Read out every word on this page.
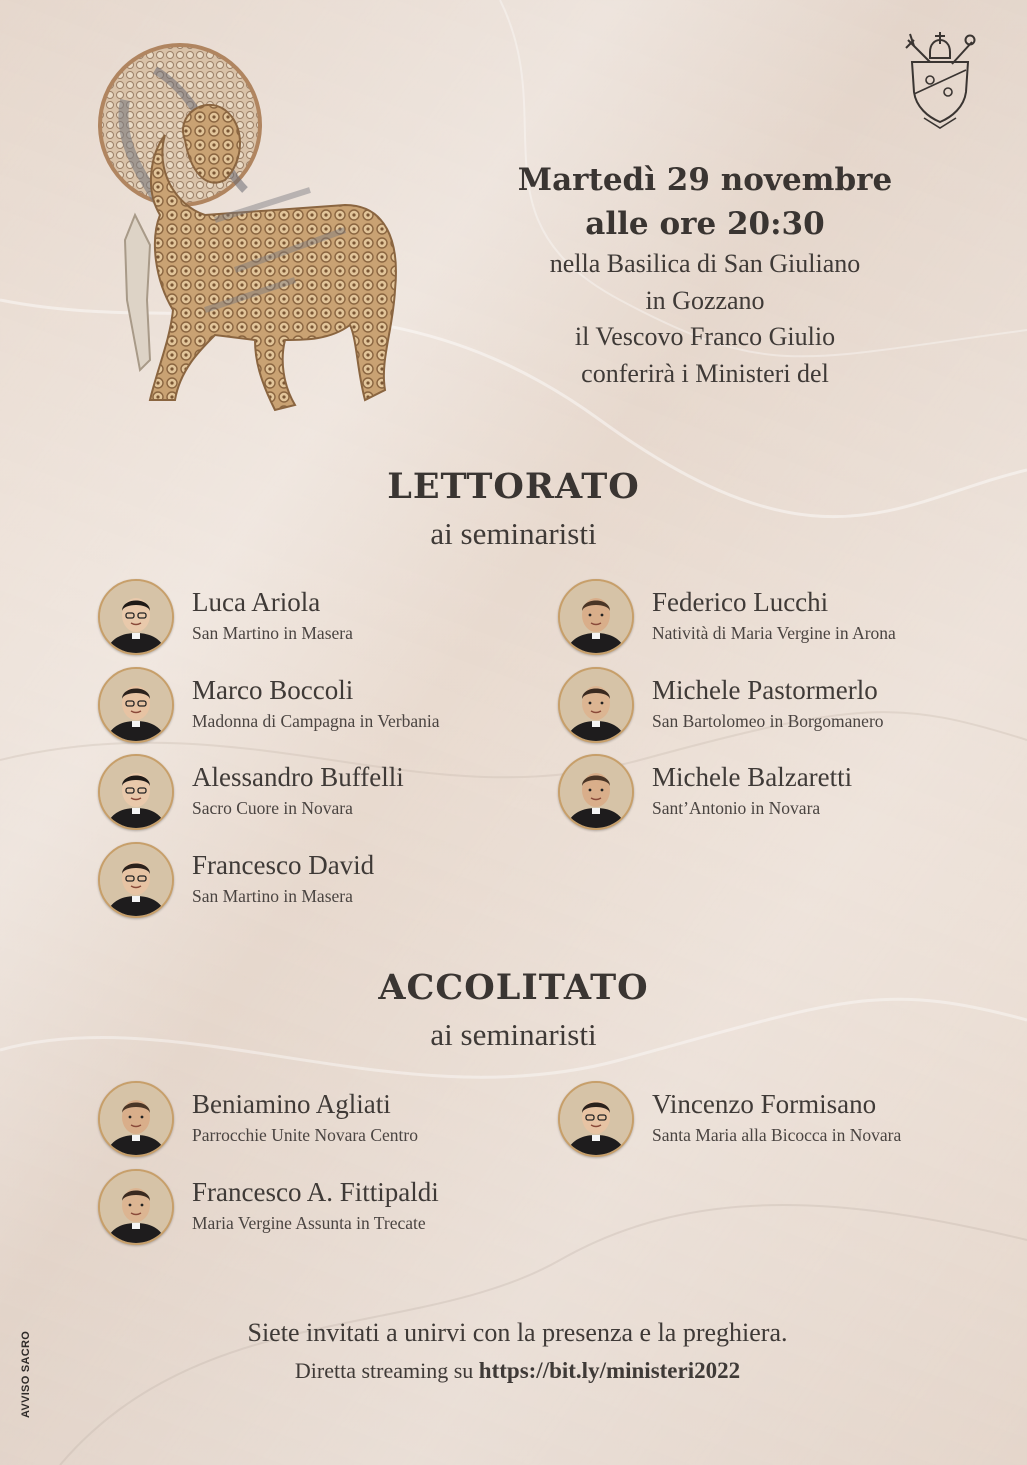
Martedì 29 novembre
alle ore 20:30
nella Basilica di San Giuliano
in Gozzano
il Vescovo Franco Giulio
conferirà i Ministeri del
LETTORATO
ai seminaristi
Luca Ariola
San Martino in Masera
Federico Lucchi
Natività di Maria Vergine in Arona
Marco Boccoli
Madonna di Campagna in Verbania
Michele Pastormerlo
San Bartolomeo in Borgomanero
Alessandro Buffelli
Sacro Cuore in Novara
Michele Balzaretti
Sant’Antonio in Novara
Francesco David
San Martino in Masera
ACCOLITATO
ai seminaristi
Beniamino Agliati
Parrocchie Unite Novara Centro
Vincenzo Formisano
Santa Maria alla Bicocca in Novara
Francesco A. Fittipaldi
Maria Vergine Assunta in Trecate
Siete invitati a unirvi con la presenza e la preghiera.
Diretta streaming su https://bit.ly/ministeri2022
AVVISO SACRO
